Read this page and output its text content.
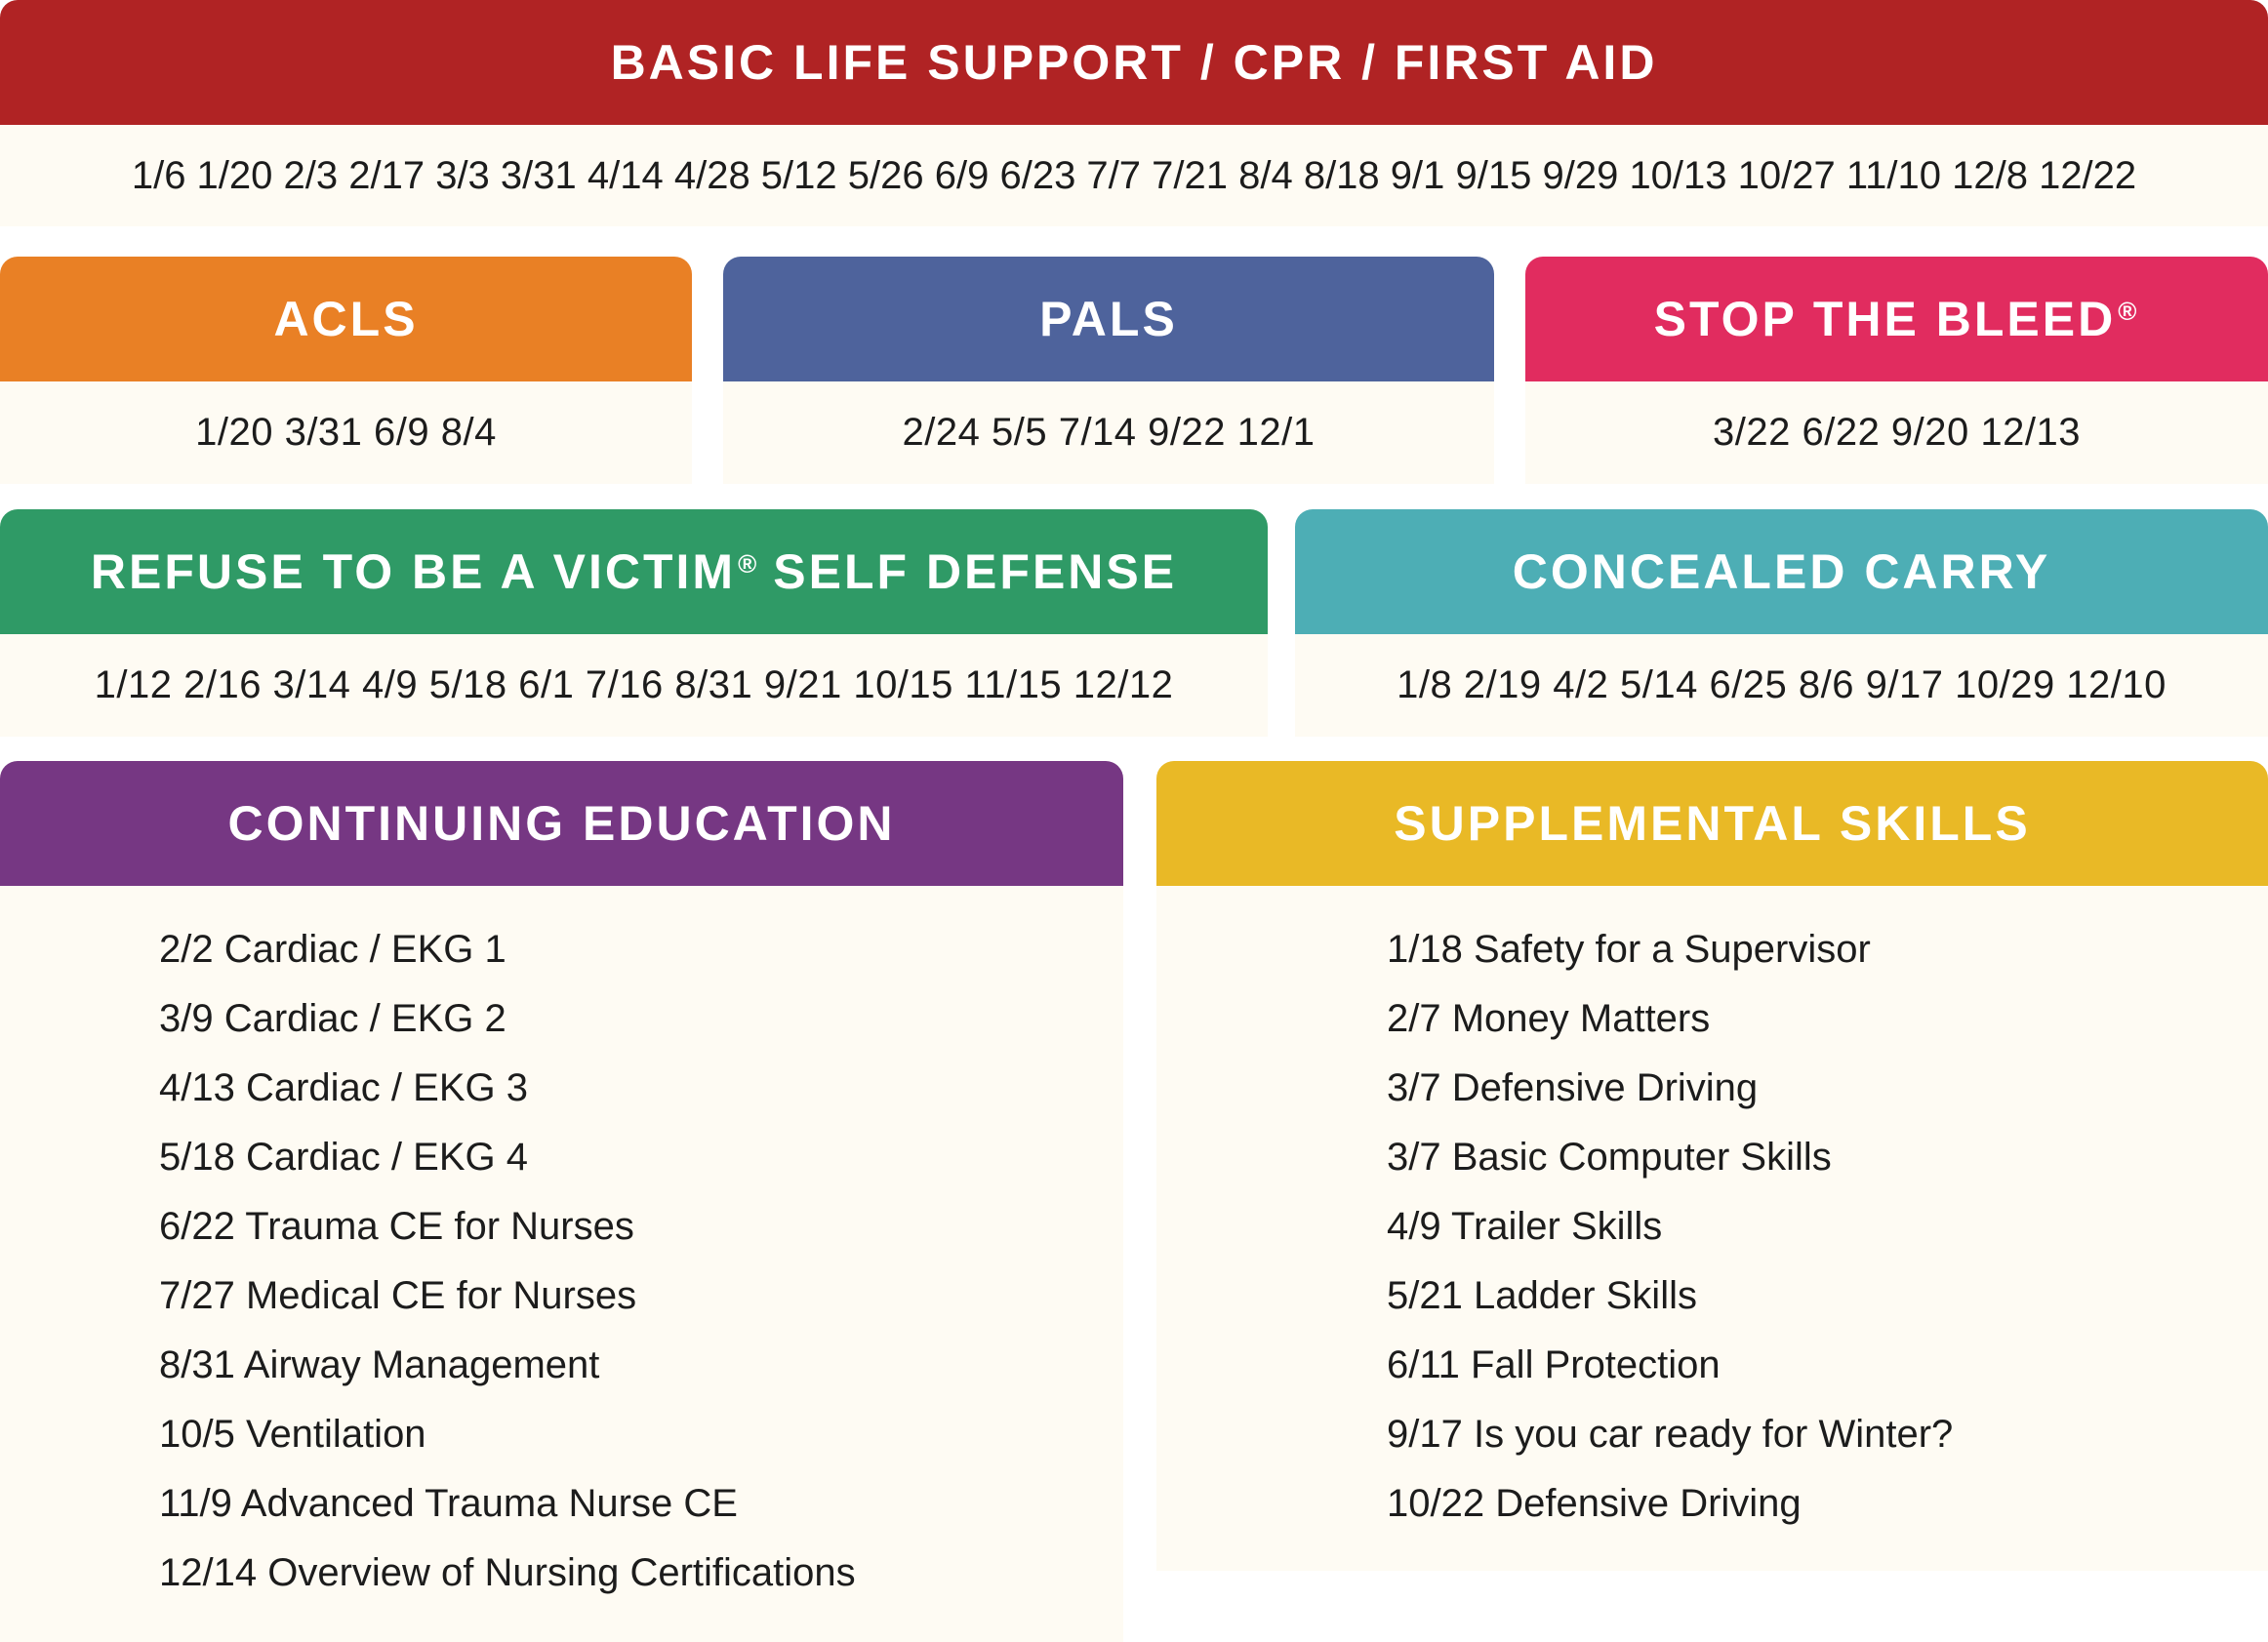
BASIC LIFE SUPPORT / CPR / FIRST AID
1/6 1/20 2/3 2/17 3/3 3/31 4/14 4/28 5/12 5/26 6/9 6/23 7/7 7/21 8/4 8/18 9/1 9/15 9/29 10/13 10/27 11/10 12/8 12/22
ACLS
1/20 3/31 6/9 8/4
PALS
2/24 5/5 7/14 9/22 12/1
STOP THE BLEED®
3/22 6/22 9/20 12/13
REFUSE TO BE A VICTIM® SELF DEFENSE
1/12 2/16 3/14 4/9 5/18 6/1 7/16 8/31 9/21 10/15 11/15 12/12
CONCEALED CARRY
1/8 2/19 4/2 5/14 6/25 8/6 9/17 10/29 12/10
CONTINUING EDUCATION
2/2 Cardiac / EKG 1
3/9 Cardiac / EKG 2
4/13 Cardiac / EKG 3
5/18 Cardiac / EKG 4
6/22 Trauma CE for Nurses
7/27 Medical CE for Nurses
8/31 Airway Management
10/5 Ventilation
11/9 Advanced Trauma Nurse CE
12/14 Overview of Nursing Certifications
SUPPLEMENTAL SKILLS
1/18 Safety for a Supervisor
2/7 Money Matters
3/7 Defensive Driving
3/7 Basic Computer Skills
4/9 Trailer Skills
5/21 Ladder Skills
6/11 Fall Protection
9/17 Is you car ready for Winter?
10/22 Defensive Driving
